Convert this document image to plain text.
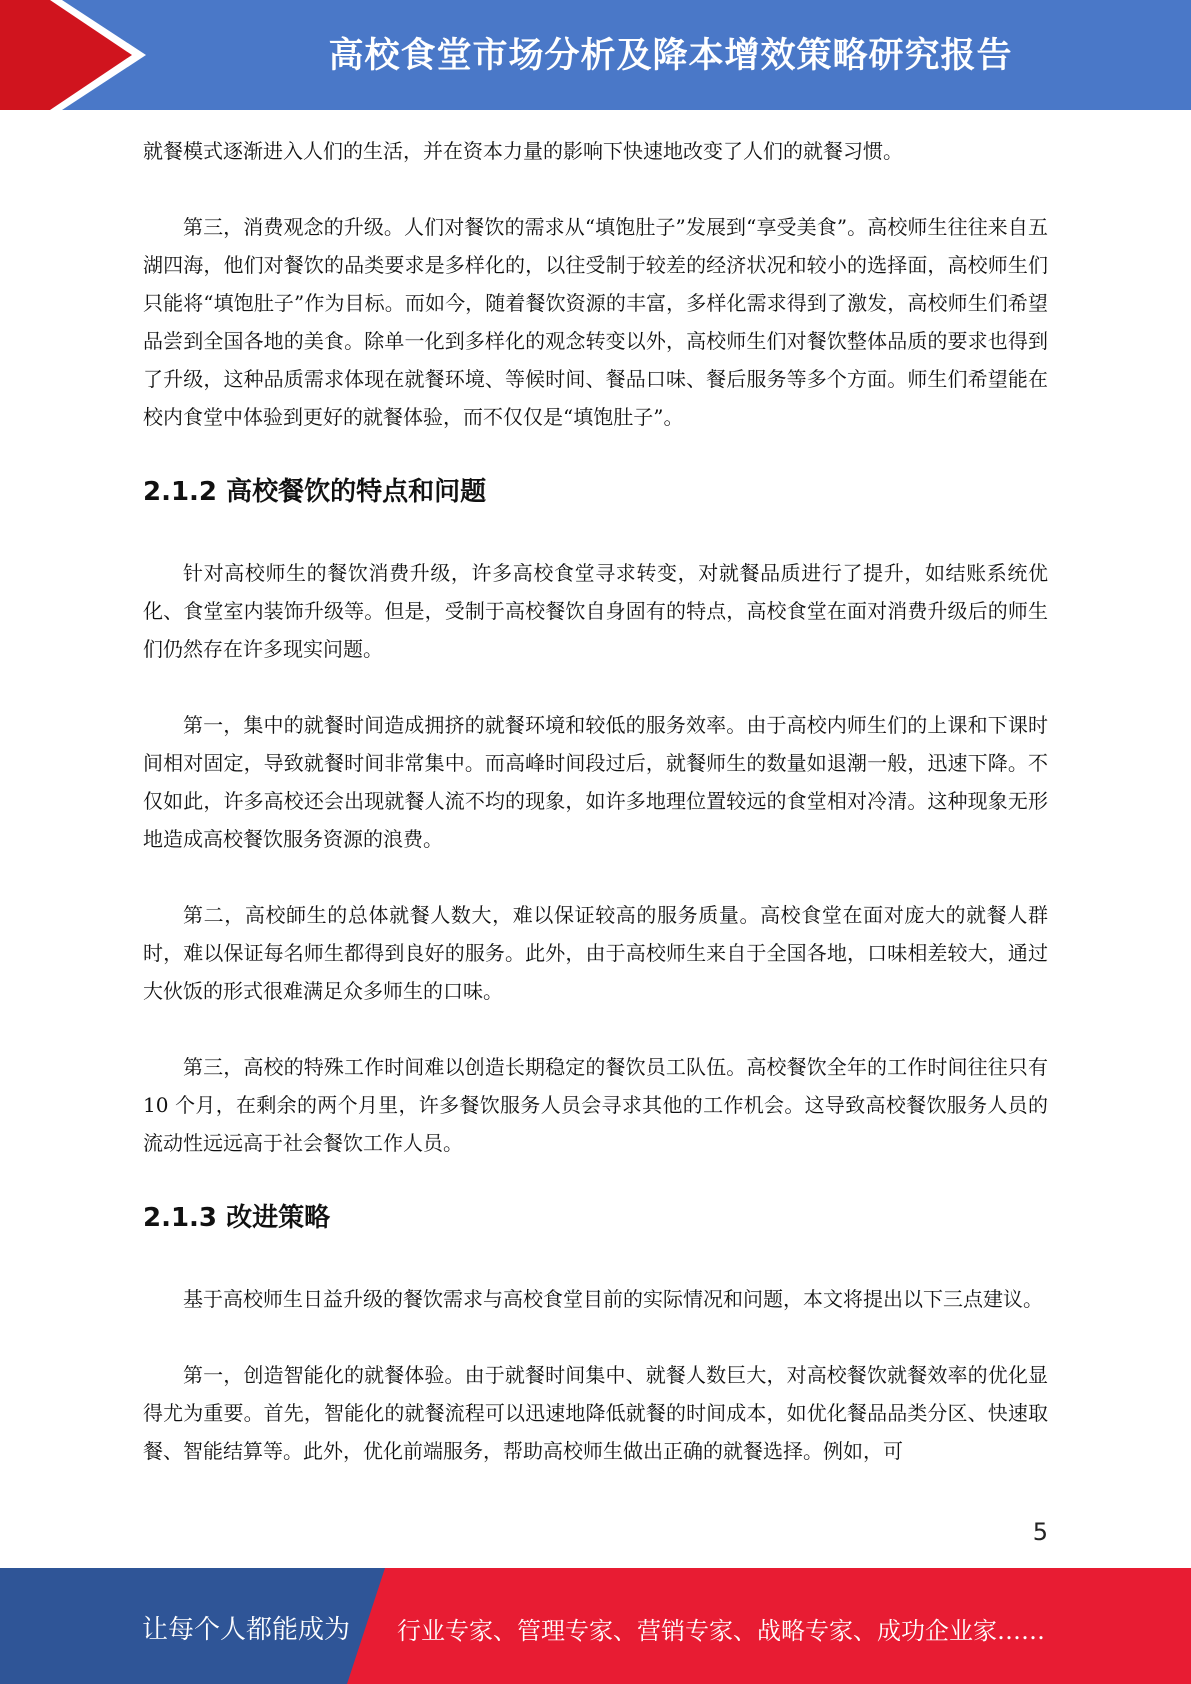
高校食堂市场分析及降本增效策略研究报告

就餐模式逐渐进入人们的生活，并在资本力量的影响下快速地改变了人们的就餐习惯。

第三，消费观念的升级。人们对餐饮的需求从“填饱肚子”发展到“享受美食”。高校师生往往来自五湖四海，他们对餐饮的品类要求是多样化的，以往受制于较差的经济状况和较小的选择面，高校师生们只能将“填饱肚子”作为目标。而如今，随着餐饮资源的丰富，多样化需求得到了激发，高校师生们希望品尝到全国各地的美食。除单一化到多样化的观念转变以外，高校师生们对餐饮整体品质的要求也得到了升级，这种品质需求体现在就餐环境、等候时间、餐品口味、餐后服务等多个方面。师生们希望能在校内食堂中体验到更好的就餐体验，而不仅仅是“填饱肚子”。

2.1.2 高校餐饮的特点和问题

针对高校师生的餐饮消费升级，许多高校食堂寻求转变，对就餐品质进行了提升，如结账系统优化、食堂室内装饰升级等。但是，受制于高校餐饮自身固有的特点，高校食堂在面对消费升级后的师生们仍然存在许多现实问题。

第一，集中的就餐时间造成拥挤的就餐环境和较低的服务效率。由于高校内师生们的上课和下课时间相对固定，导致就餐时间非常集中。而高峰时间段过后，就餐师生的数量如退潮一般，迅速下降。不仅如此，许多高校还会出现就餐人流不均的现象，如许多地理位置较远的食堂相对冷清。这种现象无形地造成高校餐饮服务资源的浪费。

第二，高校師生的总体就餐人数大，难以保证较高的服务质量。高校食堂在面对庞大的就餐人群时，难以保证每名师生都得到良好的服务。此外，由于高校师生来自于全国各地，口味相差较大，通过大伙饭的形式很难满足众多师生的口味。

第三，高校的特殊工作时间难以创造长期稳定的餐饮员工队伍。高校餐饮全年的工作时间往往只有 10 个月，在剩余的两个月里，许多餐饮服务人员会寻求其他的工作机会。这导致高校餐饮服务人员的流动性远远高于社会餐饮工作人员。

2.1.3 改进策略

基于高校师生日益升级的餐饮需求与高校食堂目前的实际情况和问题，本文将提出以下三点建议。

第一，创造智能化的就餐体验。由于就餐时间集中、就餐人数巨大，对高校餐饮就餐效率的优化显得尤为重要。首先，智能化的就餐流程可以迅速地降低就餐的时间成本，如优化餐品品类分区、快速取餐、智能结算等。此外，优化前端服务，帮助高校师生做出正确的就餐选择。例如，可

5
让每个人都能成为 行业专家、管理专家、营销专家、战略专家、成功企业家……
